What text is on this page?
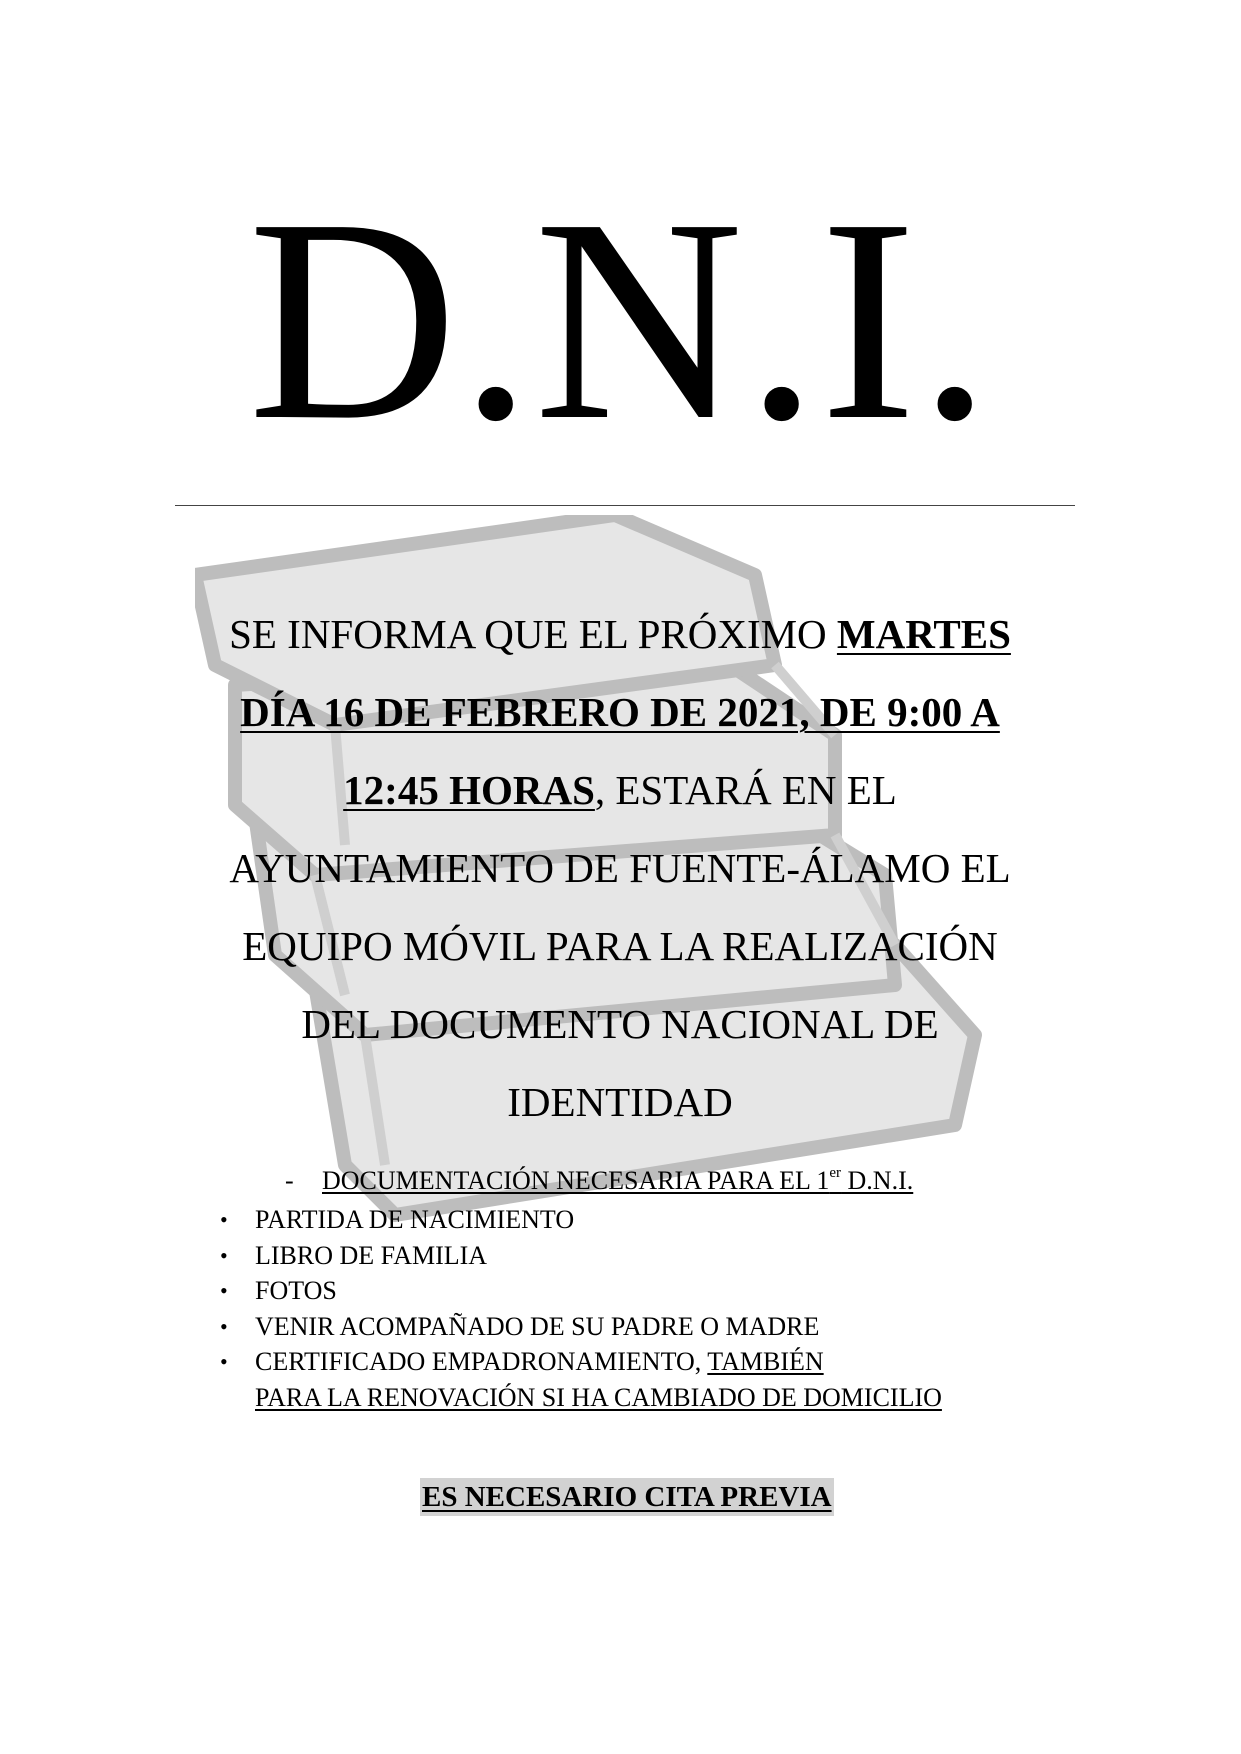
D.N.I.
SE INFORMA QUE EL PRÓXIMO MARTES
DÍA 16 DE FEBRERO DE 2021, DE 9:00 A
12:45 HORAS, ESTARÁ EN EL
AYUNTAMIENTO DE FUENTE-ÁLAMO EL
EQUIPO MÓVIL PARA LA REALIZACIÓN
DEL DOCUMENTO NACIONAL DE
IDENTIDAD
- DOCUMENTACIÓN NECESARIA PARA EL 1er D.N.I.
• PARTIDA DE NACIMIENTO
• LIBRO DE FAMILIA
• FOTOS
• VENIR ACOMPAÑADO DE SU PADRE O MADRE
• CERTIFICADO EMPADRONAMIENTO, TAMBIÉN
PARA LA RENOVACIÓN SI HA CAMBIADO DE DOMICILIO
ES NECESARIO CITA PREVIA
